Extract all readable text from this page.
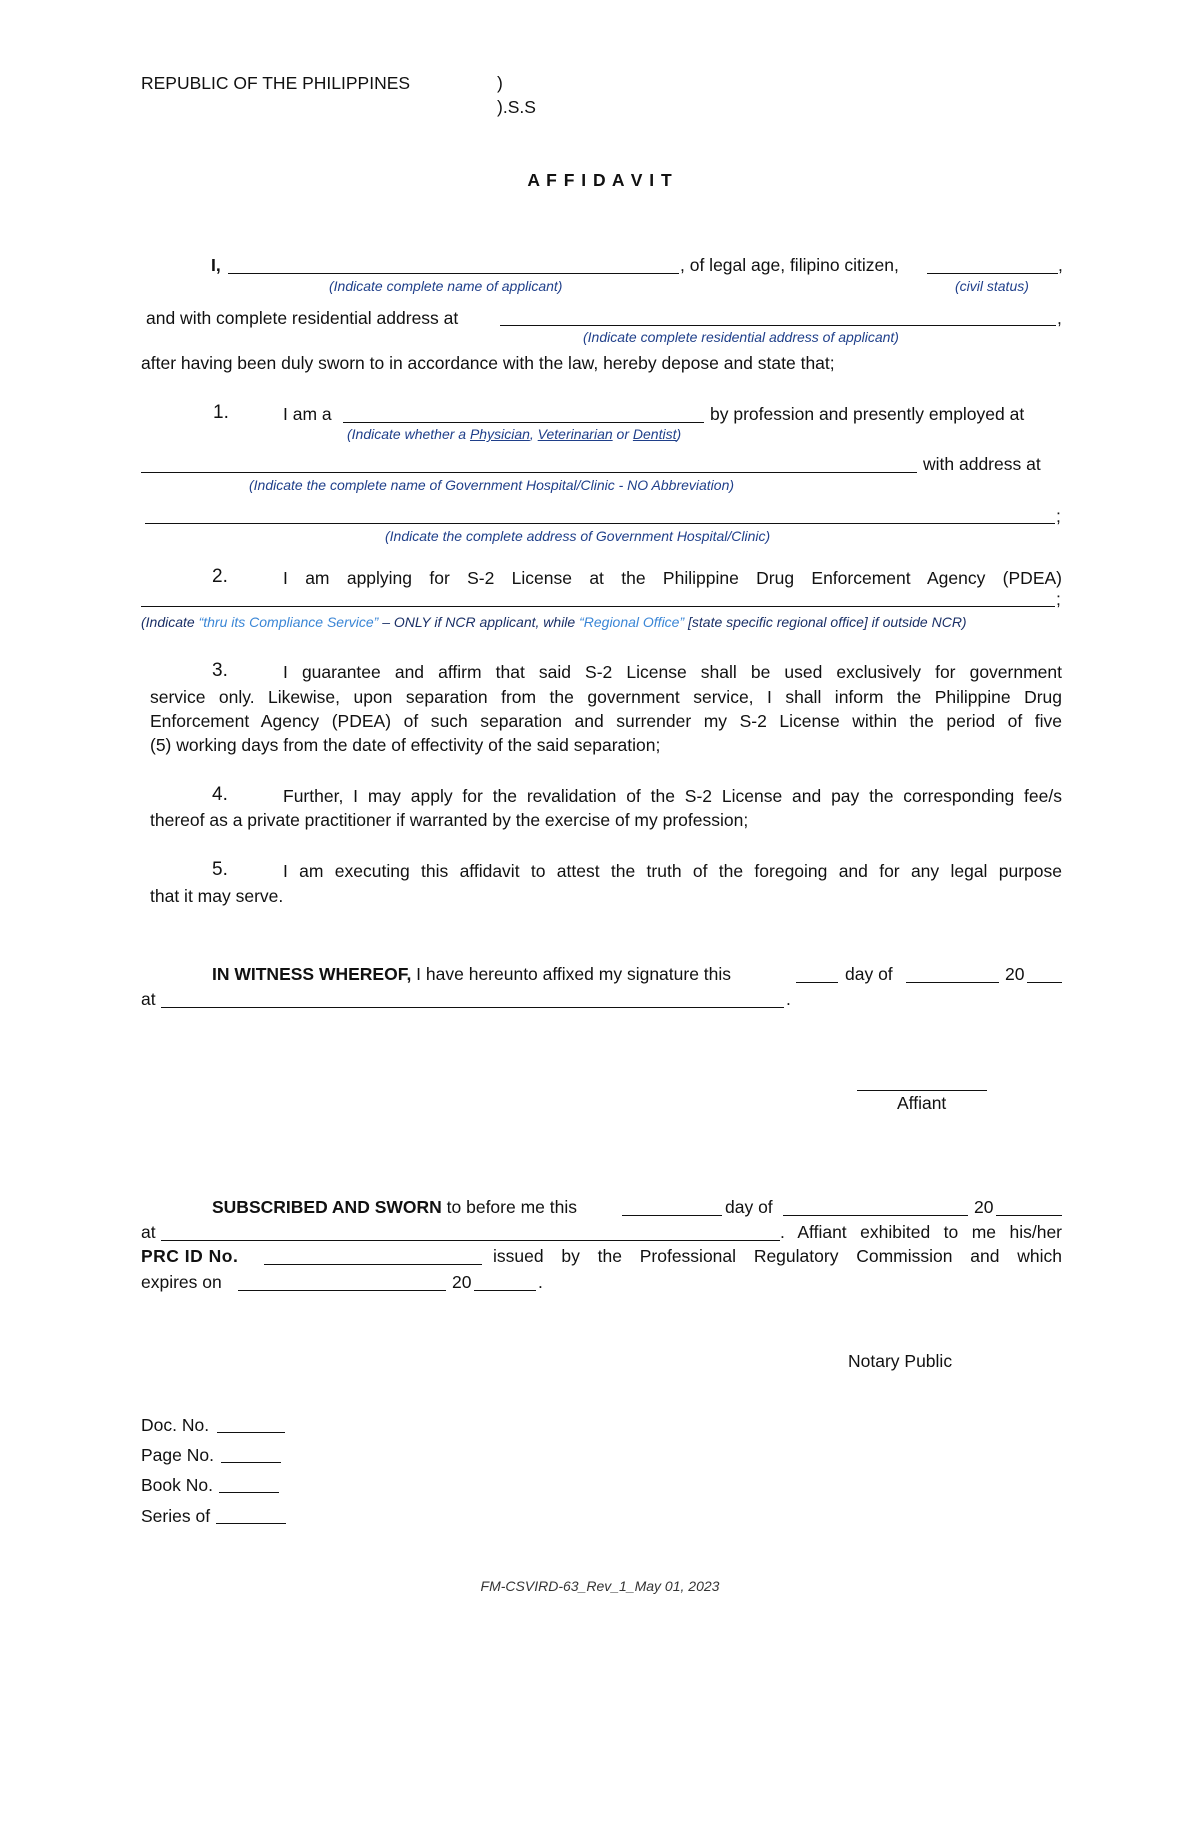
REPUBLIC OF THE PHILIPPINES	)
).S.S
A F F I D A V I T
I,	, of legal age, filipino citizen,	,
(Indicate complete name of applicant)	(civil status)
and with complete residential address at	,
(Indicate complete residential address of applicant)
after having been duly sworn to in accordance with the law, hereby depose and state that;
1.	I am a	by profession and presently employed at
(Indicate whether a Physician, Veterinarian or Dentist)
with address at
(Indicate the complete name of Government Hospital/Clinic - NO Abbreviation)
;
(Indicate the complete address of Government Hospital/Clinic)
2.	I am applying for S-2 License at the Philippine Drug Enforcement Agency (PDEA)
;
(Indicate “thru its Compliance Service” – ONLY if NCR applicant, while “Regional Office” [state specific regional office] if outside NCR)
3.	I guarantee and affirm that said S-2 License shall be used exclusively for government
service only. Likewise, upon separation from the government service, I shall inform the Philippine Drug
Enforcement Agency (PDEA) of such separation and surrender my S-2 License within the period of five
(5) working days from the date of effectivity of the said separation;
4.	Further, I may apply for the revalidation of the S-2 License and pay the corresponding fee/s
thereof as a private practitioner if warranted by the exercise of my profession;
5.	I am executing this affidavit to attest the truth of the foregoing and for any legal purpose
that it may serve.
IN WITNESS WHEREOF, I have hereunto affixed my signature this	day of	20
at	.
Affiant
SUBSCRIBED AND SWORN to before me this	day of	20
at	. Affiant exhibited to me his/her
PRC ID No.	issued by the Professional Regulatory Commission and which
expires on	20	.
Notary Public
Doc. No.
Page No.
Book No.
Series of
FM-CSVIRD-63_Rev_1_May 01, 2023
